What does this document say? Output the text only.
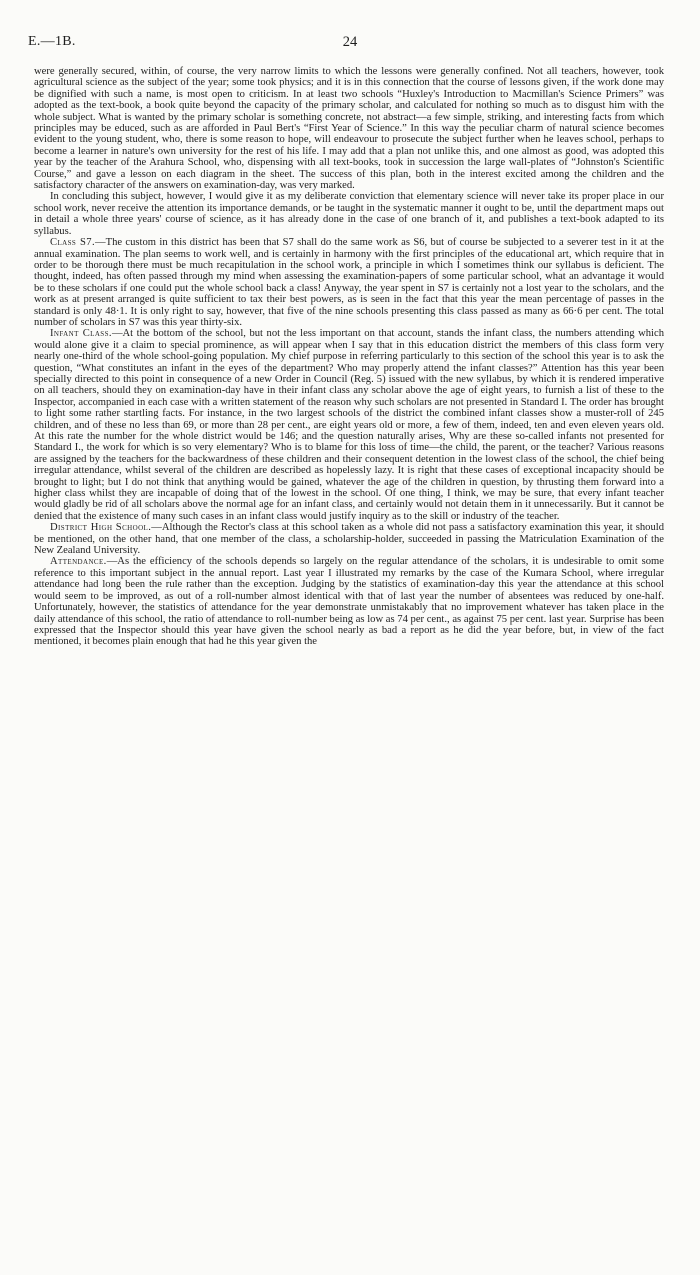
E.—1B.	24

were generally secured, within, of course, the very narrow limits to which the lessons were generally confined. Not all teachers, however, took agricultural science as the subject of the year; some took physics; and it is in this connection that the course of lessons given, if the work done may be dignified with such a name, is most open to criticism. In at least two schools “Huxley's Introduction to Macmillan's Science Primers” was adopted as the text-book, a book quite beyond the capacity of the primary scholar, and calculated for nothing so much as to disgust him with the whole subject. What is wanted by the primary scholar is something concrete, not abstract—a few simple, striking, and interesting facts from which principles may be educed, such as are afforded in Paul Bert's “First Year of Science.” In this way the peculiar charm of natural science becomes evident to the young student, who, there is some reason to hope, will endeavour to prosecute the subject further when he leaves school, perhaps to become a learner in nature's own university for the rest of his life. I may add that a plan not unlike this, and one almost as good, was adopted this year by the teacher of the Arahura School, who, dispensing with all text-books, took in succession the large wall-plates of “Johnston's Scientific Course,” and gave a lesson on each diagram in the sheet. The success of this plan, both in the interest excited among the children and the satisfactory character of the answers on examination-day, was very marked.

In concluding this subject, however, I would give it as my deliberate conviction that elementary science will never take its proper place in our school work, never receive the attention its importance demands, or be taught in the systematic manner it ought to be, until the department maps out in detail a whole three years' course of science, as it has already done in the case of one branch of it, and publishes a text-book adapted to its syllabus.

Class S7.—The custom in this district has been that S7 shall do the same work as S6, but of course be subjected to a severer test in it at the annual examination. The plan seems to work well, and is certainly in harmony with the first principles of the educational art, which require that in order to be thorough there must be much recapitulation in the school work, a principle in which I sometimes think our syllabus is deficient. The thought, indeed, has often passed through my mind when assessing the examination-papers of some particular school, what an advantage it would be to these scholars if one could put the whole school back a class! Anyway, the year spent in S7 is certainly not a lost year to the scholars, and the work as at present arranged is quite sufficient to tax their best powers, as is seen in the fact that this year the mean percentage of passes in the standard is only 48·1. It is only right to say, however, that five of the nine schools presenting this class passed as many as 66·6 per cent. The total number of scholars in S7 was this year thirty-six.

Infant Class.—At the bottom of the school, but not the less important on that account, stands the infant class, the numbers attending which would alone give it a claim to special prominence, as will appear when I say that in this education district the members of this class form very nearly one-third of the whole school-going population. My chief purpose in referring particularly to this section of the school this year is to ask the question, “What constitutes an infant in the eyes of the department? Who may properly attend the infant classes?” Attention has this year been specially directed to this point in consequence of a new Order in Council (Reg. 5) issued with the new syllabus, by which it is rendered imperative on all teachers, should they on examination-day have in their infant class any scholar above the age of eight years, to furnish a list of these to the Inspector, accompanied in each case with a written statement of the reason why such scholars are not presented in Standard I. The order has brought to light some rather startling facts. For instance, in the two largest schools of the district the combined infant classes show a muster-roll of 245 children, and of these no less than 69, or more than 28 per cent., are eight years old or more, a few of them, indeed, ten and even eleven years old. At this rate the number for the whole district would be 146; and the question naturally arises, Why are these so-called infants not presented for Standard I., the work for which is so very elementary? Who is to blame for this loss of time—the child, the parent, or the teacher? Various reasons are assigned by the teachers for the backwardness of these children and their consequent detention in the lowest class of the school, the chief being irregular attendance, whilst several of the children are described as hopelessly lazy. It is right that these cases of exceptional incapacity should be brought to light; but I do not think that anything would be gained, whatever the age of the children in question, by thrusting them forward into a higher class whilst they are incapable of doing that of the lowest in the school. Of one thing, I think, we may be sure, that every infant teacher would gladly be rid of all scholars above the normal age for an infant class, and certainly would not detain them in it unnecessarily. But it cannot be denied that the existence of many such cases in an infant class would justify inquiry as to the skill or industry of the teacher.

District High School.—Although the Rector's class at this school taken as a whole did not pass a satisfactory examination this year, it should be mentioned, on the other hand, that one member of the class, a scholarship-holder, succeeded in passing the Matriculation Examination of the New Zealand University.

Attendance.—As the efficiency of the schools depends so largely on the regular attendance of the scholars, it is undesirable to omit some reference to this important subject in the annual report. Last year I illustrated my remarks by the case of the Kumara School, where irregular attendance had long been the rule rather than the exception. Judging by the statistics of examination-day this year the attendance at this school would seem to be improved, as out of a roll-number almost identical with that of last year the number of absentees was reduced by one-half. Unfortunately, however, the statistics of attendance for the year demonstrate unmistakably that no improvement whatever has taken place in the daily attendance of this school, the ratio of attendance to roll-number being as low as 74 per cent., as against 75 per cent. last year. Surprise has been expressed that the Inspector should this year have given the school nearly as bad a report as he did the year before, but, in view of the fact mentioned, it becomes plain enough that had he this year given the
